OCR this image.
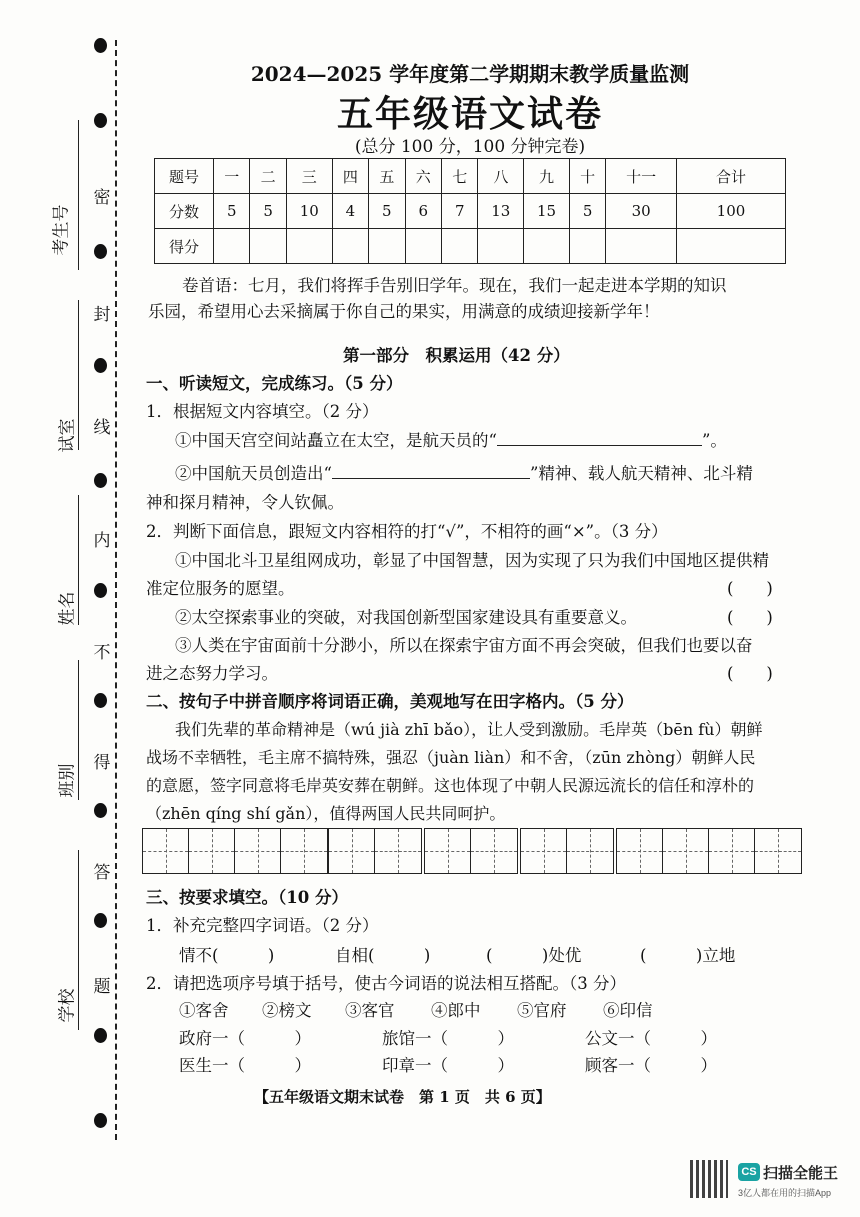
密
封
线
内
不
得
答
题
考生号
试室
姓名
班别
学校
2024—2025 学年度第二学期期末教学质量监测
五年级语文试卷
(总分 100 分，100 分钟完卷)
题号	一	二	三	四	五	六	七	八	九	十	十一	合计
分数	5	5	10	4	5	6	7	13	15	5	30	100
得分												
卷首语：七月，我们将挥手告别旧学年。现在，我们一起走进本学期的知识
乐园，希望用心去采摘属于你自己的果实，用满意的成绩迎接新学年！
第一部分　积累运用（42 分）
一、听读短文，完成练习。（5 分）
1．根据短文内容填空。（2 分）
①中国天宫空间站矗立在太空，是航天员的“	”。
②中国航天员创造出“	”精神、载人航天精神、北斗精
神和探月精神，令人钦佩。
2．判断下面信息，跟短文内容相符的打“√”，不相符的画“×”。（3 分）
①中国北斗卫星组网成功，彰显了中国智慧，因为实现了只为我们中国地区提供精
准定位服务的愿望。	(　　)
②太空探索事业的突破，对我国创新型国家建设具有重要意义。	(　　)
③人类在宇宙面前十分渺小，所以在探索宇宙方面不再会突破，但我们也要以奋
进之态努力学习。	(　　)
二、按句子中拼音顺序将词语正确，美观地写在田字格内。（5 分）
我们先辈的革命精神是（wú jià zhī bǎo），让人受到激励。毛岸英（bēn fù）朝鲜
战场不幸牺牲，毛主席不搞特殊，强忍（juàn liàn）和不舍，（zūn zhòng）朝鲜人民
的意愿，签字同意将毛岸英安葬在朝鲜。这也体现了中朝人民源远流长的信任和淳朴的
（zhēn qíng shí gǎn），值得两国人民共同呵护。
三、按要求填空。（10 分）
1．补充完整四字词语。（2 分）
情不(　　　)	自相(　　　)	(　　　)处优	(　　　)立地
2．请把选项序号填于括号，使古今词语的说法相互搭配。（3 分）
①客舍 ②榜文 ③客官 ④郎中 ⑤官府 ⑥印信
政府一（　　　）	旅馆一（　　　）	公文一（　　　）
医生一（　　　）	印章一（　　　）	顾客一（　　　）
【五年级语文期末试卷　第 1 页　共 6 页】
CS 扫描全能王
3亿人都在用的扫描App
